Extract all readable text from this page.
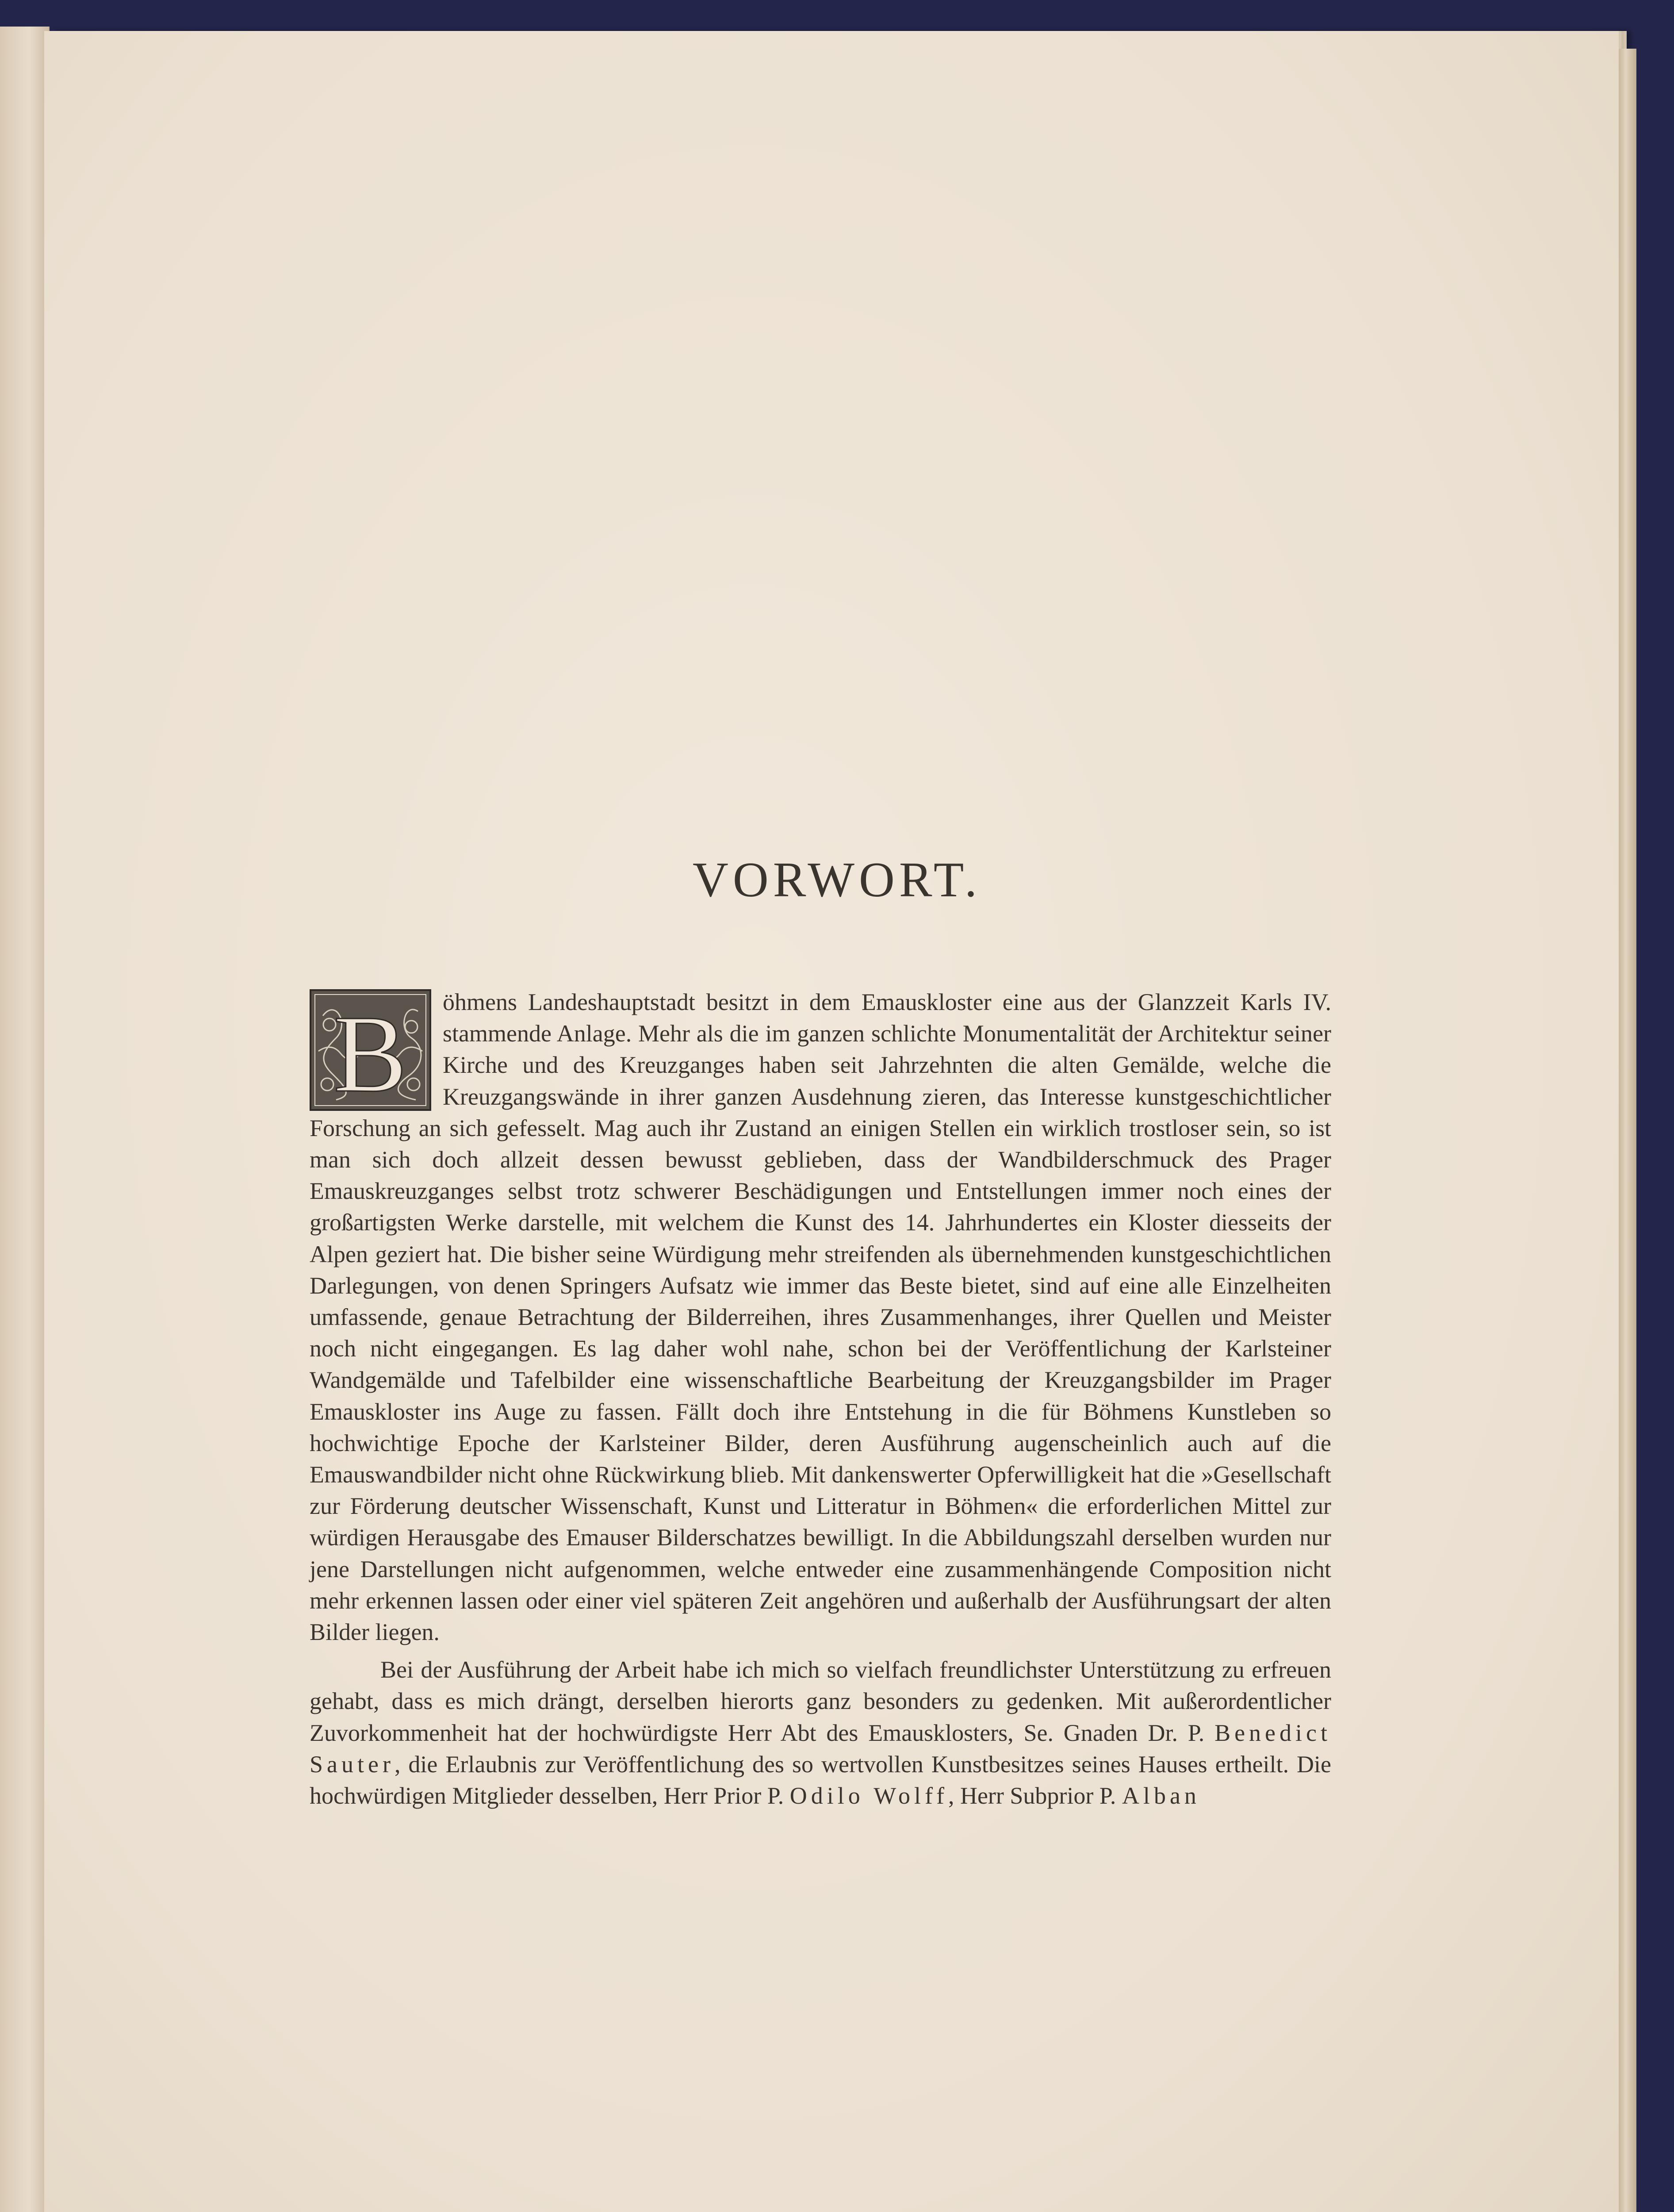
VORWORT.

B öhmens Landeshauptstadt besitzt in dem Emauskloster eine aus der Glanzzeit Karls IV. stammende Anlage. Mehr als die im ganzen schlichte Monumentalität der Architektur seiner Kirche und des Kreuzganges haben seit Jahrzehnten die alten Gemälde, welche die Kreuzgangswände in ihrer ganzen Ausdehnung zieren, das Interesse kunstgeschichtlicher Forschung an sich gefesselt. Mag auch ihr Zustand an einigen Stellen ein wirklich trostloser sein, so ist man sich doch allzeit dessen bewusst geblieben, dass der Wandbilderschmuck des Prager Emauskreuzganges selbst trotz schwerer Beschädigungen und Entstellungen immer noch eines der großartigsten Werke darstelle, mit welchem die Kunst des 14. Jahrhundertes ein Kloster diesseits der Alpen geziert hat. Die bisher seine Würdigung mehr streifenden als übernehmenden kunstgeschichtlichen Darlegungen, von denen Springers Aufsatz wie immer das Beste bietet, sind auf eine alle Einzelheiten umfassende, genaue Betrachtung der Bilderreihen, ihres Zusammenhanges, ihrer Quellen und Meister noch nicht eingegangen. Es lag daher wohl nahe, schon bei der Veröffentlichung der Karlsteiner Wandgemälde und Tafelbilder eine wissenschaftliche Bearbeitung der Kreuzgangsbilder im Prager Emauskloster ins Auge zu fassen. Fällt doch ihre Entstehung in die für Böhmens Kunstleben so hochwichtige Epoche der Karlsteiner Bilder, deren Ausführung augenscheinlich auch auf die Emauswandbilder nicht ohne Rückwirkung blieb. Mit dankenswerter Opferwilligkeit hat die »Gesellschaft zur Förderung deutscher Wissenschaft, Kunst und Litteratur in Böhmen« die erforderlichen Mittel zur würdigen Herausgabe des Emauser Bilderschatzes bewilligt. In die Abbildungszahl derselben wurden nur jene Darstellungen nicht aufgenommen, welche entweder eine zusammenhängende Composition nicht mehr erkennen lassen oder einer viel späteren Zeit angehören und außerhalb der Ausführungsart der alten Bilder liegen.

Bei der Ausführung der Arbeit habe ich mich so vielfach freundlichster Unterstützung zu erfreuen gehabt, dass es mich drängt, derselben hierorts ganz besonders zu gedenken. Mit außerordentlicher Zuvorkommenheit hat der hochwürdigste Herr Abt des Emausklosters, Se. Gnaden Dr. P. Benedict Sauter, die Erlaubnis zur Veröffentlichung des so wertvollen Kunstbesitzes seines Hauses ertheilt. Die hochwürdigen Mitglieder desselben, Herr Prior P. Odilo Wolff, Herr Subprior P. Alban
